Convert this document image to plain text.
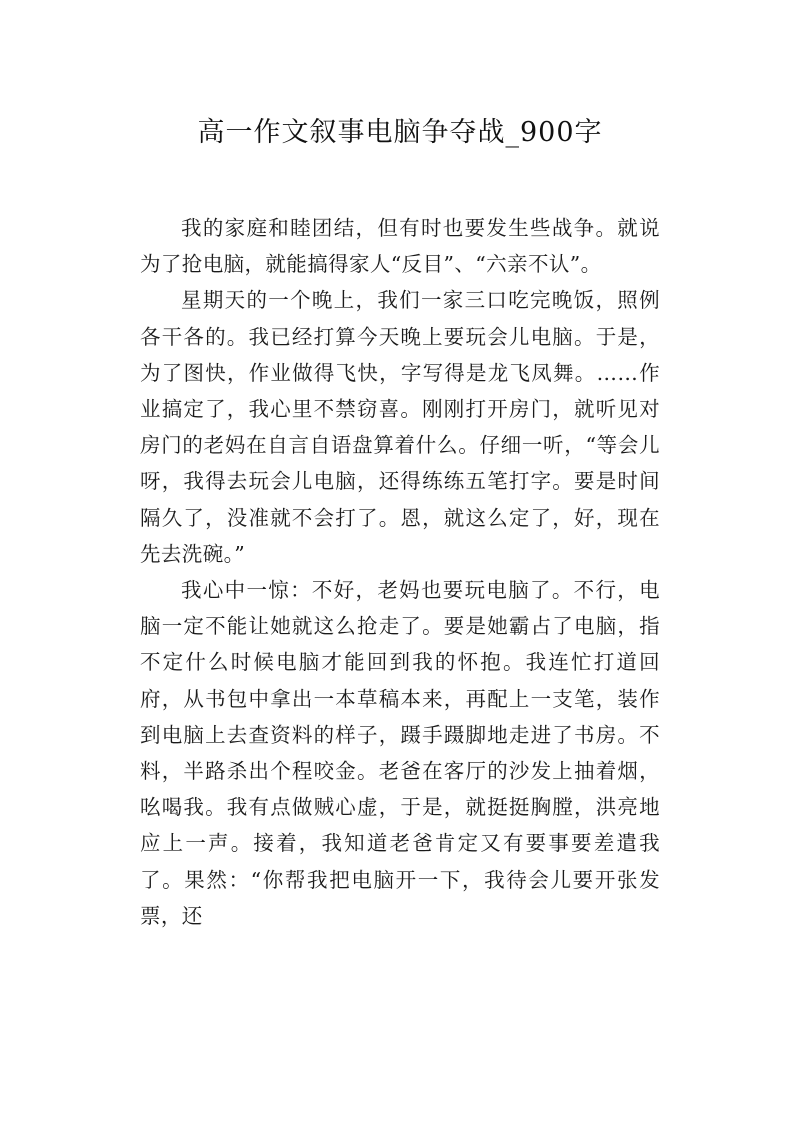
高一作文叙事电脑争夺战_900字

我的家庭和睦团结，但有时也要发生些战争。就说为了抢电脑，就能搞得家人“反目”、“六亲不认”。

星期天的一个晚上，我们一家三口吃完晚饭，照例各干各的。我已经打算今天晚上要玩会儿电脑。于是，为了图快，作业做得飞快，字写得是龙飞凤舞。……作业搞定了，我心里不禁窃喜。刚刚打开房门，就听见对房门的老妈在自言自语盘算着什么。仔细一听，“等会儿呀，我得去玩会儿电脑，还得练练五笔打字。要是时间隔久了，没准就不会打了。恩，就这么定了，好，现在先去洗碗。”

我心中一惊：不好，老妈也要玩电脑了。不行，电脑一定不能让她就这么抢走了。要是她霸占了电脑，指不定什么时候电脑才能回到我的怀抱。我连忙打道回府，从书包中拿出一本草稿本来，再配上一支笔，装作到电脑上去查资料的样子，蹑手蹑脚地走进了书房。不料，半路杀出个程咬金。老爸在客厅的沙发上抽着烟，吆喝我。我有点做贼心虚，于是，就挺挺胸膛，洪亮地应上一声。接着，我知道老爸肯定又有要事要差遣我了。果然：“你帮我把电脑开一下，我待会儿要开张发票，还
